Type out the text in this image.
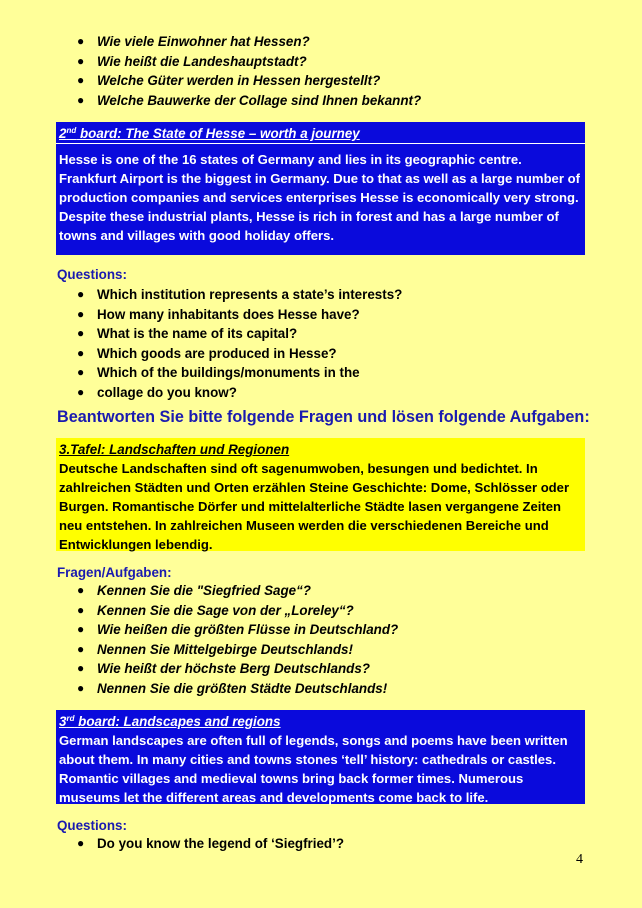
● Wie viele Einwohner hat Hessen?
● Wie heißt die Landeshauptstadt?
● Welche Güter werden in Hessen hergestellt?
● Welche Bauwerke der Collage sind Ihnen bekannt?
2nd board: The State of Hesse – worth a journey
Hesse is one of the 16 states of Germany and lies in its geographic centre. Frankfurt Airport is the biggest in Germany. Due to that as well as a large number of production companies and services enterprises Hesse is economically very strong. Despite these industrial plants, Hesse is rich in forest and has a large number of towns and villages with good holiday offers.
Questions:
● Which institution represents a state’s interests?
● How many inhabitants does Hesse have?
● What is the name of its capital?
● Which goods are produced in Hesse?
● Which of the buildings/monuments in the
● collage do you know?
Beantworten Sie bitte folgende Fragen und lösen folgende Aufgaben:
3.Tafel: Landschaften und Regionen
Deutsche Landschaften sind oft sagenumwoben, besungen und bedichtet. In zahlreichen Städten und Orten erzählen Steine Geschichte: Dome, Schlösser oder Burgen. Romantische Dörfer und mittelalterliche Städte lasen vergangene Zeiten neu entstehen. In zahlreichen Museen werden die verschiedenen Bereiche und Entwicklungen lebendig.
Fragen/Aufgaben:
● Kennen Sie die "Siegfried Sage“?
● Kennen Sie die Sage von der „Loreley“?
● Wie heißen die größten Flüsse in Deutschland?
● Nennen Sie Mittelgebirge Deutschlands!
● Wie heißt der höchste Berg Deutschlands?
● Nennen Sie die größten Städte Deutschlands!
3rd board: Landscapes and regions
German landscapes are often full of legends, songs and poems have been written about them. In many cities and towns stones ‘tell’ history: cathedrals or castles. Romantic villages and medieval towns bring back former times. Numerous museums let the different areas and developments come back to life.
Questions:
● Do you know the legend of ‘Siegfried’?
4
